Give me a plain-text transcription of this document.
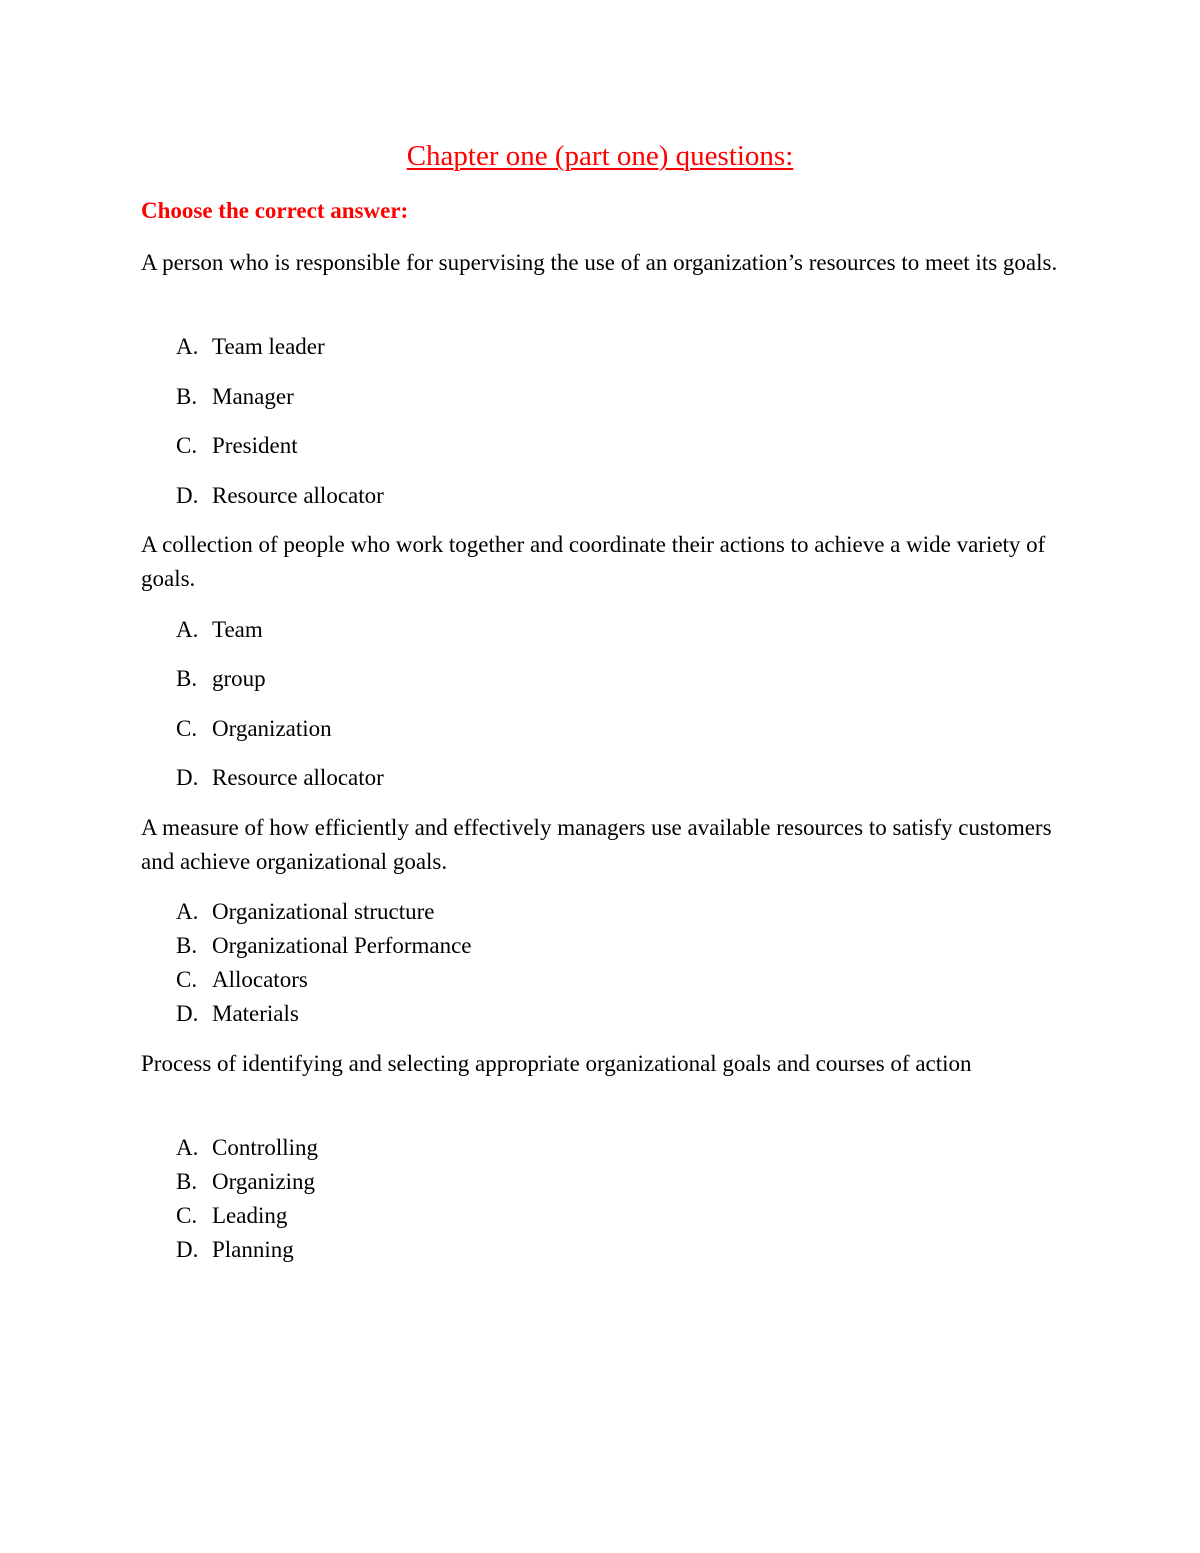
Chapter one (part one) questions:

Choose the correct answer:

A person who is responsible for supervising the use of an organization’s resources to meet its goals.

A. Team leader
B. Manager
C. President
D. Resource allocator

A collection of people who work together and coordinate their actions to achieve a wide variety of goals.

A. Team
B. group
C. Organization
D. Resource allocator

A measure of how efficiently and effectively managers use available resources to satisfy customers and achieve organizational goals.

A. Organizational structure
B. Organizational Performance
C. Allocators
D. Materials

Process of identifying and selecting appropriate organizational goals and courses of action

A. Controlling
B. Organizing
C. Leading
D. Planning
